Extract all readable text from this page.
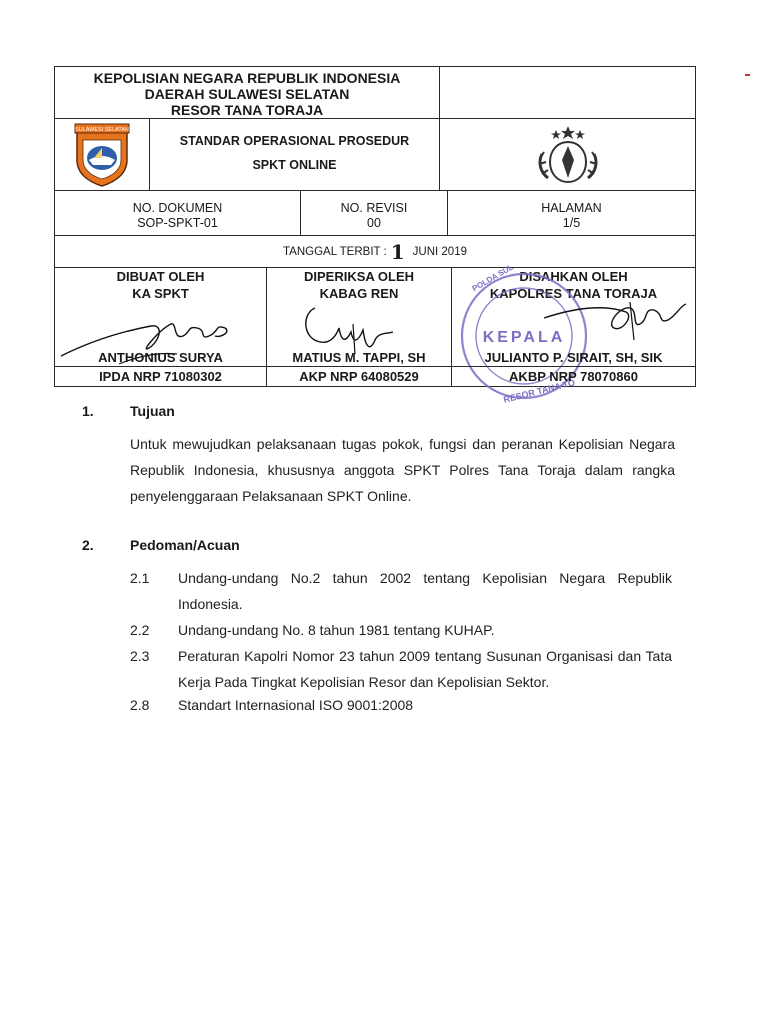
KEPOLISIAN NEGARA REPUBLIK INDONESIA
DAERAH SULAWESI SELATAN
RESOR TANA TORAJA
SULAWESI SELATAN
STANDAR OPERASIONAL PROSEDUR
SPKT ONLINE
NO. DOKUMEN
SOP-SPKT-01
NO. REVISI
00
HALAMAN
1/5
TANGGAL TERBIT : 1 JUNI 2019
DIBUAT OLEH
KA SPKT
ANTHONIUS SURYA
IPDA NRP 71080302
DIPERIKSA OLEH
KABAG REN
MATIUS M. TAPPI, SH
AKP NRP 64080529
DISAHKAN OLEH
KAPOLRES TANA TORAJA
KEPALA
RESOR TANA TO
POLDA SUL
JULIANTO P. SIRAIT, SH, SIK
AKBP NRP 78070860
1.	Tujuan
Untuk mewujudkan pelaksanaan tugas pokok, fungsi dan peranan Kepolisian Negara Republik Indonesia, khususnya anggota SPKT Polres Tana Toraja dalam rangka penyelenggaraan Pelaksanaan SPKT Online.
2.	Pedoman/Acuan
2.1 Undang-undang No.2 tahun 2002 tentang Kepolisian Negara Republik Indonesia.
2.2 Undang-undang No. 8 tahun 1981 tentang KUHAP.
2.3 Peraturan Kapolri Nomor 23 tahun 2009 tentang Susunan Organisasi dan Tata Kerja Pada Tingkat Kepolisian Resor dan Kepolisian Sektor.
2.8 Standart Internasional ISO 9001:2008
